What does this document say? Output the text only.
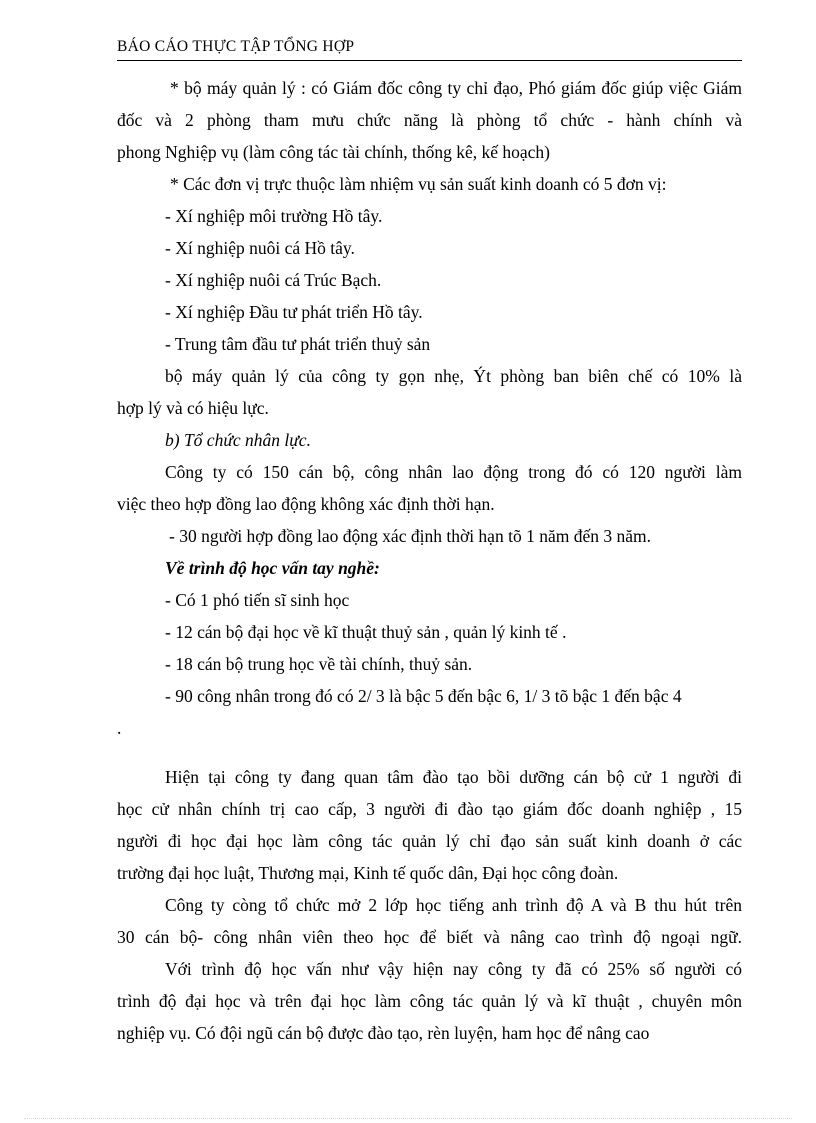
BÁO CÁO THỰC TẬP TỔNG HỢP

* bộ máy quản lý : có Giám đốc công ty chỉ đạo, Phó giám đốc giúp việc Giám đốc và 2 phòng tham mưu chức năng là phòng tổ chức - hành chính và

phong Nghiệp vụ (làm công tác tài chính, thống kê, kế hoạch)

* Các đơn vị trực thuộc làm nhiệm vụ sản suất kinh doanh có 5 đơn vị:

- Xí nghiệp môi trường Hồ tây.

- Xí nghiệp nuôi cá Hồ tây.

- Xí nghiệp nuôi cá Trúc Bạch.

- Xí nghiệp Đầu tư phát triển Hồ tây.

- Trung tâm đầu tư phát triển thuỷ sản

bộ máy quản lý của công ty gọn nhẹ, Ýt phòng ban biên chế có 10% là

hợp lý và có hiệu lực.

b) Tổ chức nhân lực.

Công ty có 150 cán bộ, công nhân lao động trong đó có 120 người làm

việc theo hợp đồng lao động không xác định thời hạn.

- 30 người hợp đồng lao động xác định thời hạn tõ 1 năm đến 3 năm.

Về trình độ học vấn tay nghề:

- Có 1 phó tiến sĩ sinh học

- 12 cán bộ đại học về kĩ thuật thuỷ sản , quản lý kinh tế .

- 18 cán bộ trung học về tài chính, thuỷ sản.

- 90 công nhân trong đó có 2/ 3 là bậc 5 đến bậc 6, 1/ 3 tõ bậc 1 đến bậc 4

.

Hiện tại công ty đang quan tâm đào tạo bồi dưỡng cán bộ cử 1 người đi

học cử nhân chính trị cao cấp, 3 người đi đào tạo giám đốc doanh nghiệp , 15

người đi học đại học làm công tác quản lý chỉ đạo sản suất kinh doanh ở các

trường đại học luật, Thương mại, Kinh tế quốc dân, Đại học công đoàn.

Công ty còng tổ chức mở 2 lớp học tiếng anh trình độ A và B thu hút trên

30 cán bộ- công nhân viên theo học để biết và nâng cao trình độ ngoại ngữ.

Với trình độ học vấn như vậy hiện nay công ty đã có 25% số người có

trình độ đại học và trên đại học làm công tác quản lý và kĩ thuật , chuyên môn

nghiệp vụ. Có đội ngũ cán bộ được đào tạo, rèn luyện, ham học để nâng cao
